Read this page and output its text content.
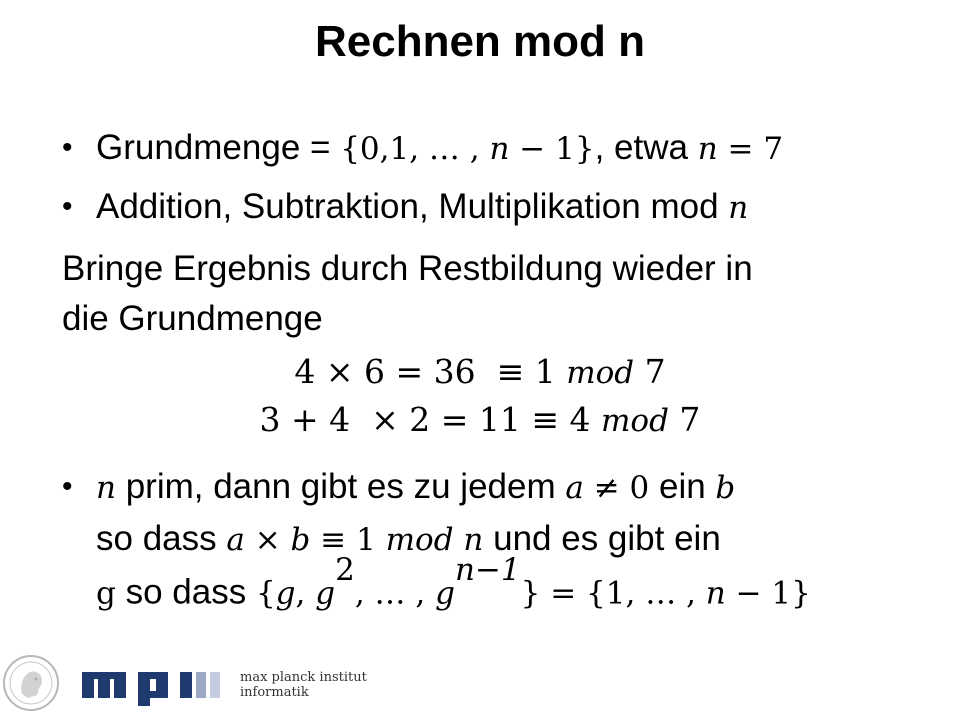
Rechnen mod n
• Grundmenge = {0,1, … , n − 1}, etwa n = 7
• Addition, Subtraktion, Multiplikation mod n
Bringe Ergebnis durch Restbildung wieder in
die Grundmenge
4 × 6 = 36  ≡ 1 mod 7
3 + 4  × 2 = 11 ≡ 4 mod 7
• n prim, dann gibt es zu jedem a ≠ 0 ein b
so dass a × b ≡ 1 mod n und es gibt ein
g so dass {g, $g^2$, … , $g^{n-1}\} = \{1$, … , n − 1}
max planck institut
informatik
